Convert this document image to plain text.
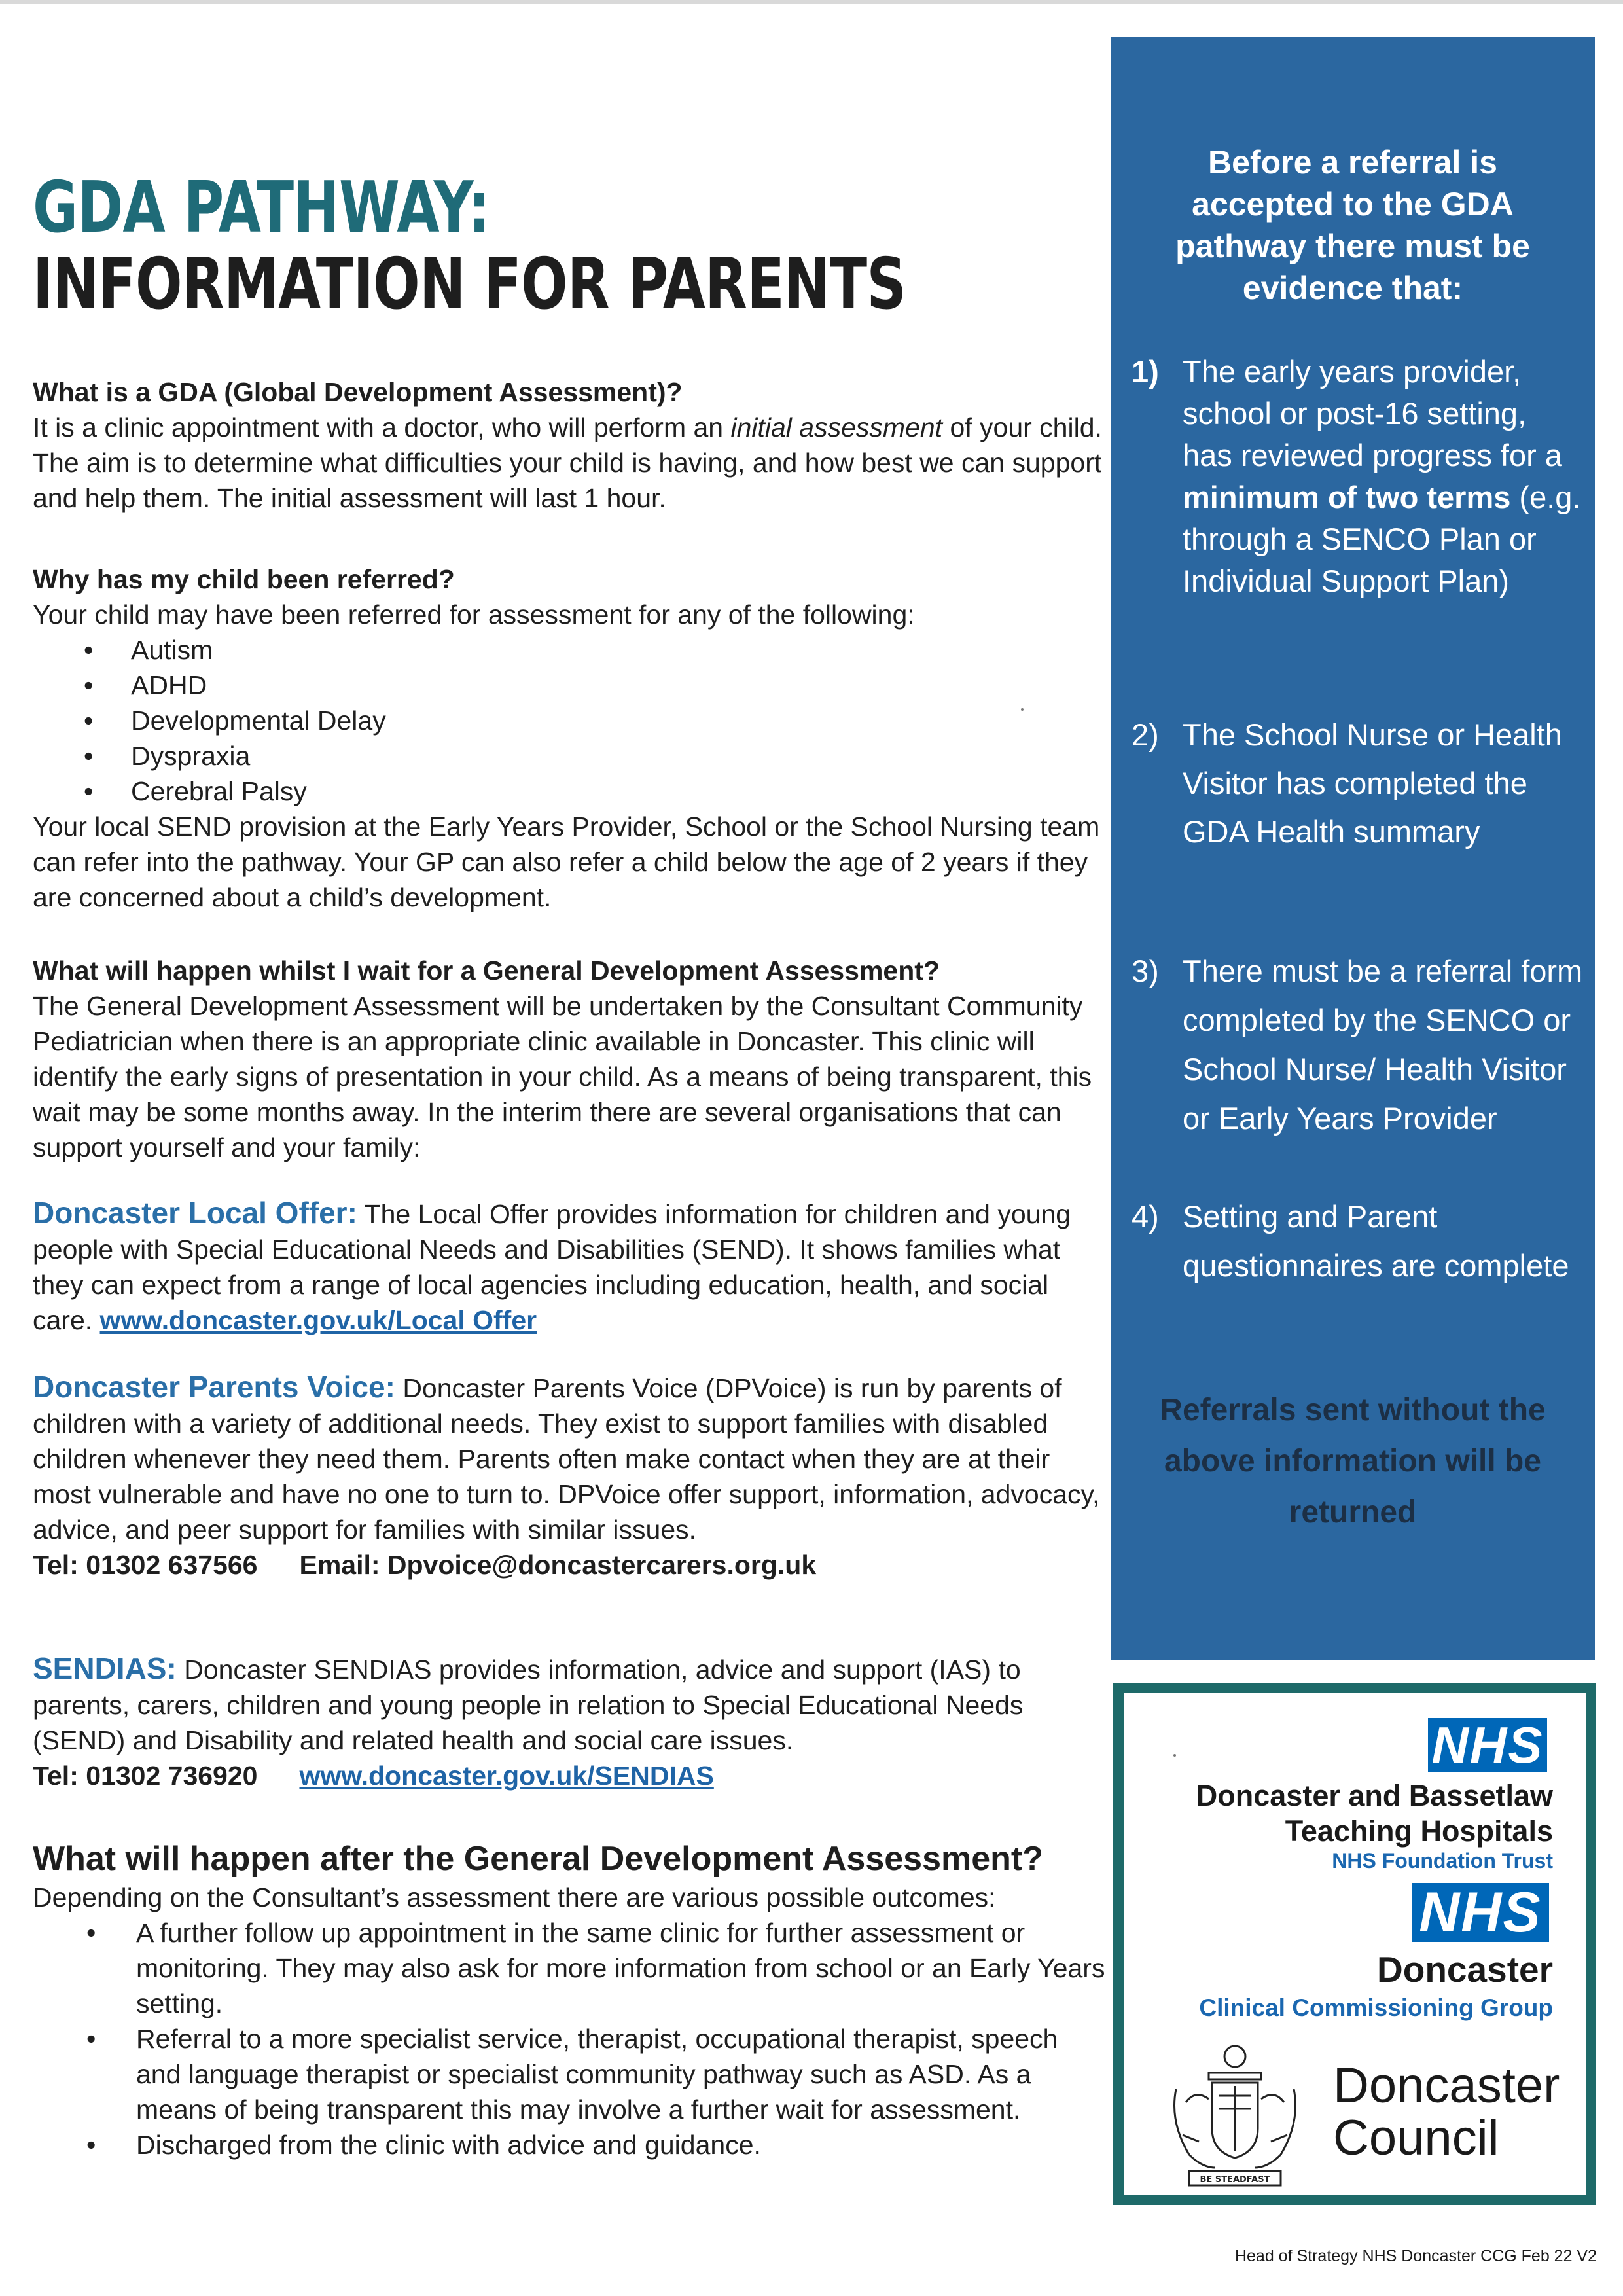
GDA PATHWAY:
INFORMATION FOR PARENTS
What is a GDA (Global Development Assessment)?

It is a clinic appointment with a doctor, who will perform an initial assessment of your child. The aim is to determine what difficulties your child is having, and how best we can support and help them. The initial assessment will last 1 hour.

Why has my child been referred?

Your child may have been referred for assessment for any of the following:

• Autism
• ADHD
• Developmental Delay
• Dyspraxia
• Cerebral Palsy

Your local SEND provision at the Early Years Provider, School or the School Nursing team can refer into the pathway. Your GP can also refer a child below the age of 2 years if they are concerned about a child’s development.

What will happen whilst I wait for a General Development Assessment?

The General Development Assessment will be undertaken by the Consultant Community Pediatrician when there is an appropriate clinic available in Doncaster. This clinic will identify the early signs of presentation in your child. As a means of being transparent, this wait may be some months away. In the interim there are several organisations that can support yourself and your family:

Doncaster Local Offer: The Local Offer provides information for children and young people with Special Educational Needs and Disabilities (SEND). It shows families what they can expect from a range of local agencies including education, health, and social care. www.doncaster.gov.uk/Local Offer

Doncaster Parents Voice: Doncaster Parents Voice (DPVoice) is run by parents of children with a variety of additional needs. They exist to support families with disabled children whenever they need them. Parents often make contact when they are at their most vulnerable and have no one to turn to. DPVoice offer support, information, advocacy, advice, and peer support for families with similar issues.

Tel: 01302 637566 Email: Dpvoice@doncastercarers.org.uk

SENDIAS: Doncaster SENDIAS provides information, advice and support (IAS) to parents, carers, children and young people in relation to Special Educational Needs (SEND) and Disability and related health and social care issues.

Tel: 01302 736920 www.doncaster.gov.uk/SENDIAS
What will happen after the General Development Assessment?

Depending on the Consultant’s assessment there are various possible outcomes:

• A further follow up appointment in the same clinic for further assessment or monitoring. They may also ask for more information from school or an Early Years setting.
• Referral to a more specialist service, therapist, occupational therapist, speech and language therapist or specialist community pathway such as ASD. As a means of being transparent this may involve a further wait for assessment.
• Discharged from the clinic with advice and guidance.
Before a referral is accepted to the GDA pathway there must be evidence that:
1) The early years provider, school or post-16 setting, has reviewed progress for a minimum of two terms (e.g. through a SENCO Plan or Individual Support Plan)
2) The School Nurse or Health Visitor has completed the GDA Health summary
3) There must be a referral form completed by the SENCO or School Nurse/ Health Visitor or Early Years Provider
4) Setting and Parent questionnaires are complete
Referrals sent without the above information will be returned
NHS
Doncaster and Bassetlaw
Teaching Hospitals
NHS Foundation Trust
NHS
Doncaster
Clinical Commissioning Group
BE STEADFAST
Doncaster
Council
Head of Strategy NHS Doncaster CCG Feb 22 V2
